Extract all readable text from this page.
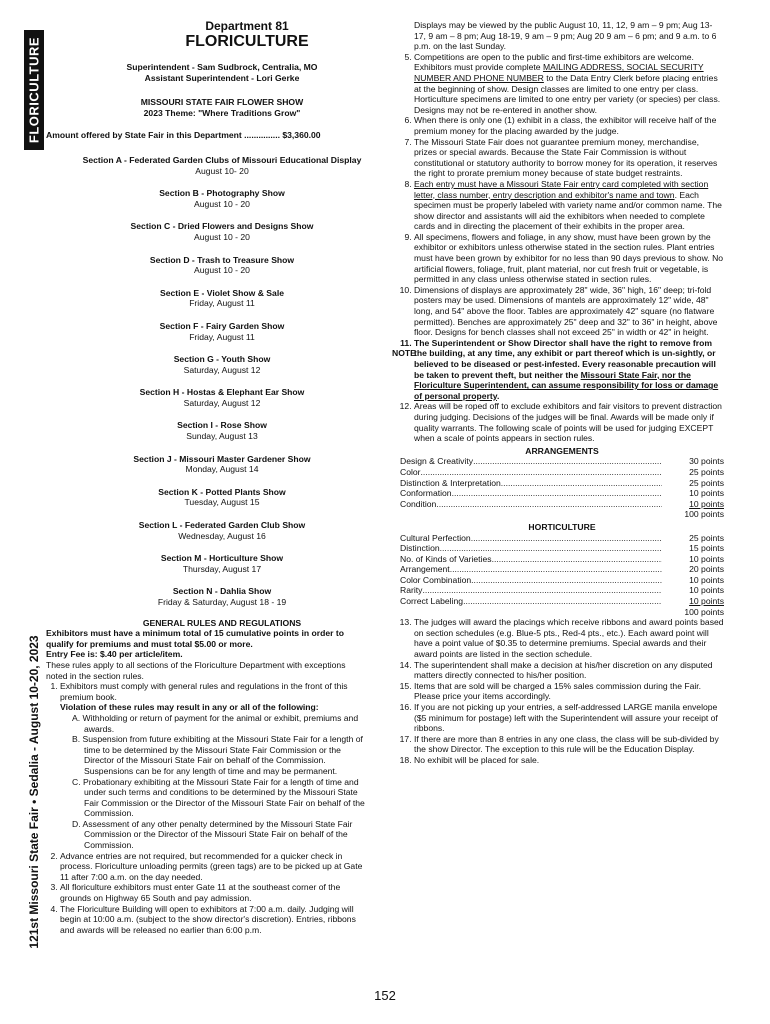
FLORICULTURE
121st Missouri State Fair • Sedalia - August 10-20, 2023
Department 81
FLORICULTURE
Superintendent - Sam Sudbrock, Centralia, MO
Assistant Superintendent - Lori Gerke
MISSOURI STATE FAIR FLOWER SHOW
2023 Theme: "Where Traditions Grow"
Amount offered by State Fair in this Department ............... $3,360.00
Section A - Federated Garden Clubs of Missouri Educational Display
August 10- 20
Section B - Photography Show
August 10 - 20
Section C - Dried Flowers and Designs Show
August 10 - 20
Section D - Trash to Treasure Show
August 10 - 20
Section E - Violet Show & Sale
Friday, August 11
Section F - Fairy Garden Show
Friday, August 11
Section G - Youth Show
Saturday, August 12
Section H - Hostas & Elephant Ear Show
Saturday, August 12
Section I - Rose Show
Sunday, August 13
Section J - Missouri Master Gardener Show
Monday, August 14
Section K - Potted Plants Show
Tuesday, August 15
Section L - Federated Garden Club Show
Wednesday, August 16
Section M - Horticulture Show
Thursday, August 17
Section N - Dahlia Show
Friday & Saturday, August 18 - 19
GENERAL RULES AND REGULATIONS
Exhibitors must have a minimum total of 15 cumulative points in order to qualify for premiums and must total $5.00 or more.
Entry Fee is: $.40 per article/item.
These rules apply to all sections of the Floriculture Department with exceptions noted in the section rules.
1. Exhibitors must comply with general rules and regulations in the front of this premium book.
Violation of these rules may result in any or all of the following:
A. Withholding or return of payment for the animal or exhibit, premiums and awards.
B. Suspension from future exhibiting at the Missouri State Fair for a length of time to be determined by the Missouri State Fair Commission or the Director of the Missouri State Fair on behalf of the Commission. Suspensions can be for any length of time and may be permanent.
C. Probationary exhibiting at the Missouri State Fair for a length of time and under such terms and conditions to be determined by the Missouri State Fair Commission or the Director of the Missouri State Fair on behalf of the Commission.
D. Assessment of any other penalty determined by the Missouri State Fair Commission or the Director of the Missouri State Fair on behalf of the Commission.
2. Advance entries are not required, but recommended for a quicker check in process. Floriculture unloading permits (green tags) are to be picked up at Gate 11 after 7:00 a.m. on the day needed.
3. All floriculture exhibitors must enter Gate 11 at the southeast corner of the grounds on Highway 65 South and pay admission.
4. The Floriculture Building will open to exhibitors at 7:00 a.m. daily. Judging will begin at 10:00 a.m. (subject to the show director's discretion). Entries, ribbons and awards will be released no earlier than 6:00 p.m.
Displays may be viewed by the public August 10, 11, 12, 9 am – 9 pm; Aug 13-17, 9 am – 8 pm; Aug 18-19, 9 am – 9 pm; Aug 20 9 am – 6 pm; and 9 a.m. to 6 p.m. on the last Sunday.
5. Competitions are open to the public and first-time exhibitors are welcome. Exhibitors must provide complete MAILING ADDRESS, SOCIAL SECURITY NUMBER AND PHONE NUMBER to the Data Entry Clerk before placing entries at the beginning of show. Design classes are limited to one entry per class. Horticulture specimens are limited to one entry per variety (or species) per class. Designs may not be re-entered in another show.
6. When there is only one (1) exhibit in a class, the exhibitor will receive half of the premium money for the placing awarded by the judge.
7. The Missouri State Fair does not guarantee premium money, merchandise, prizes or special awards. Because the State Fair Commission is without constitutional or statutory authority to borrow money for its operation, it reserves the right to prorate premium money because of state budget restraints.
8. Each entry must have a Missouri State Fair entry card completed with section letter, class number, entry description and exhibitor's name and town. Each specimen must be properly labeled with variety name and/or common name. The show director and assistants will aid the exhibitors when needed to complete cards and in directing the placement of their exhibits in the proper area.
9. All specimens, flowers and foliage, in any show, must have been grown by the exhibitor or exhibitors unless otherwise stated in the section rules. Plant entries must have been grown by exhibitor for no less than 90 days previous to show. No artificial flowers, foliage, fruit, plant material, nor cut fresh fruit or vegetable, is permitted in any class unless otherwise stated in section rules.
10. Dimensions of displays are approximately 28" wide, 36" high, 16" deep; tri-fold posters may be used. Dimensions of mantels are approximately 12" wide, 48" long, and 54" above the floor. Tables are approximately 42" square (no flatware permitted). Benches are approximately 25" deep and 32" to 36" in height, above floor. Designs for bench classes shall not exceed 25" in width or 42" in height.
11. NOTE
The Superintendent or Show Director shall have the right to remove from the building, at any time, any exhibit or part thereof which is un-sightly, or believed to be diseased or pest-infested. Every reasonable precaution will be taken to prevent theft, but neither the Missouri State Fair, nor the Floriculture Superintendent, can assume responsibility for loss or damage of personal property.
12. Areas will be roped off to exclude exhibitors and fair visitors to prevent distraction during judging. Decisions of the judges will be final. Awards will be made only if quality warrants. The following scale of points will be used for judging EXCEPT when a scale of points appears in section rules.
ARRANGEMENTS
Design & Creativity .....	30 points
Color .....	25 points
Distinction & Interpretation .....	25 points
Conformation .....	10 points
Condition .....	10 points
100 points
HORTICULTURE
Cultural Perfection .....	25 points
Distinction .....	15 points
No. of Kinds of Varieties .....	10 points
Arrangement .....	20 points
Color Combination .....	10 points
Rarity .....	10 points
Correct Labeling .....	10 points
100 points
13. The judges will award the placings which receive ribbons and award points based on section schedules (e.g. Blue-5 pts., Red-4 pts., etc.). Each award point will have a point value of $0.35 to determine premiums. Special awards and their award points are listed in the section schedule.
14. The superintendent shall make a decision at his/her discretion on any disputed matters directly connected to his/her position.
15. Items that are sold will be charged a 15% sales commission during the Fair. Please price your items accordingly.
16. If you are not picking up your entries, a self-addressed LARGE manila envelope ($5 minimum for postage) left with the Superintendent will assure your receipt of ribbons.
17. If there are more than 8 entries in any one class, the class will be sub-divided by the show Director. The exception to this rule will be the Education Display.
18. No exhibit will be placed for sale.
152
